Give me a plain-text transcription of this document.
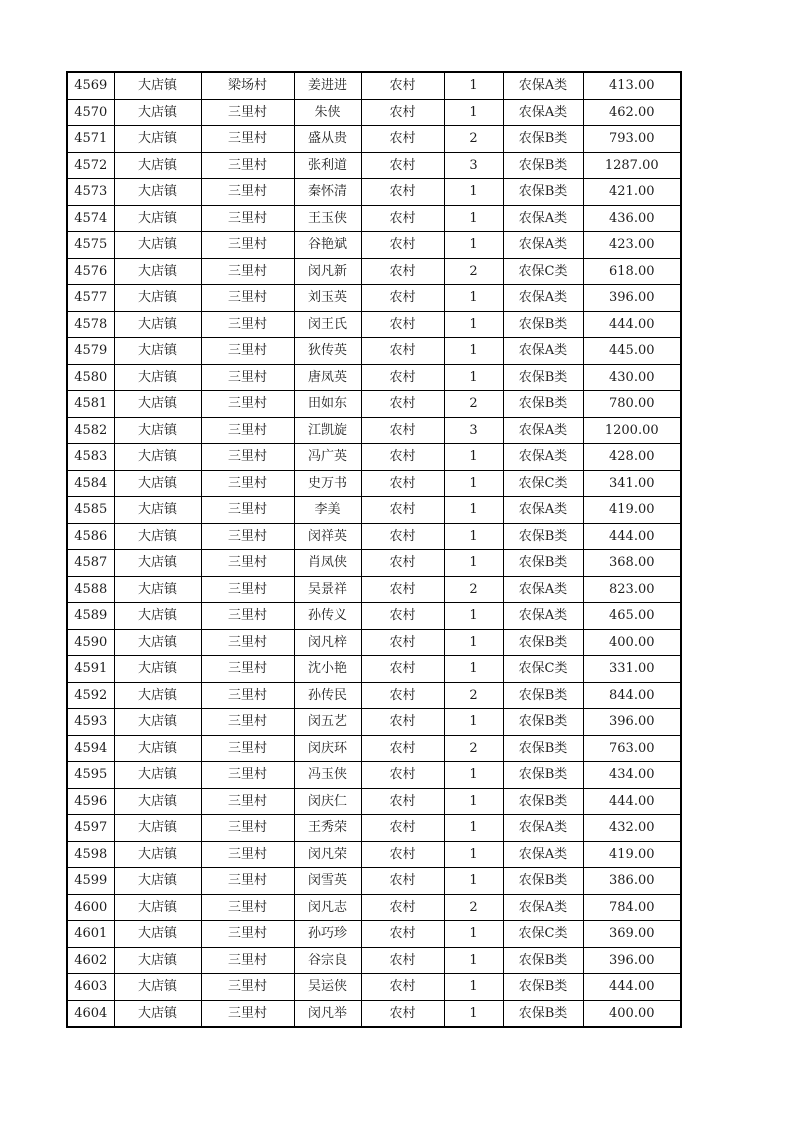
4569	大店镇	梁场村	姜进进	农村	1	农保A类	413.00
4570	大店镇	三里村	朱侠	农村	1	农保A类	462.00
4571	大店镇	三里村	盛从贵	农村	2	农保B类	793.00
4572	大店镇	三里村	张利道	农村	3	农保B类	1287.00
4573	大店镇	三里村	秦怀清	农村	1	农保B类	421.00
4574	大店镇	三里村	王玉侠	农村	1	农保A类	436.00
4575	大店镇	三里村	谷艳斌	农村	1	农保A类	423.00
4576	大店镇	三里村	闵凡新	农村	2	农保C类	618.00
4577	大店镇	三里村	刘玉英	农村	1	农保A类	396.00
4578	大店镇	三里村	闵王氏	农村	1	农保B类	444.00
4579	大店镇	三里村	狄传英	农村	1	农保A类	445.00
4580	大店镇	三里村	唐凤英	农村	1	农保B类	430.00
4581	大店镇	三里村	田如东	农村	2	农保B类	780.00
4582	大店镇	三里村	江凯旋	农村	3	农保A类	1200.00
4583	大店镇	三里村	冯广英	农村	1	农保A类	428.00
4584	大店镇	三里村	史万书	农村	1	农保C类	341.00
4585	大店镇	三里村	李美	农村	1	农保A类	419.00
4586	大店镇	三里村	闵祥英	农村	1	农保B类	444.00
4587	大店镇	三里村	肖凤侠	农村	1	农保B类	368.00
4588	大店镇	三里村	吴景祥	农村	2	农保A类	823.00
4589	大店镇	三里村	孙传义	农村	1	农保A类	465.00
4590	大店镇	三里村	闵凡梓	农村	1	农保B类	400.00
4591	大店镇	三里村	沈小艳	农村	1	农保C类	331.00
4592	大店镇	三里村	孙传民	农村	2	农保B类	844.00
4593	大店镇	三里村	闵五艺	农村	1	农保B类	396.00
4594	大店镇	三里村	闵庆环	农村	2	农保B类	763.00
4595	大店镇	三里村	冯玉侠	农村	1	农保B类	434.00
4596	大店镇	三里村	闵庆仁	农村	1	农保B类	444.00
4597	大店镇	三里村	王秀荣	农村	1	农保A类	432.00
4598	大店镇	三里村	闵凡荣	农村	1	农保A类	419.00
4599	大店镇	三里村	闵雪英	农村	1	农保B类	386.00
4600	大店镇	三里村	闵凡志	农村	2	农保A类	784.00
4601	大店镇	三里村	孙巧珍	农村	1	农保C类	369.00
4602	大店镇	三里村	谷宗良	农村	1	农保B类	396.00
4603	大店镇	三里村	吴运侠	农村	1	农保B类	444.00
4604	大店镇	三里村	闵凡举	农村	1	农保B类	400.00
